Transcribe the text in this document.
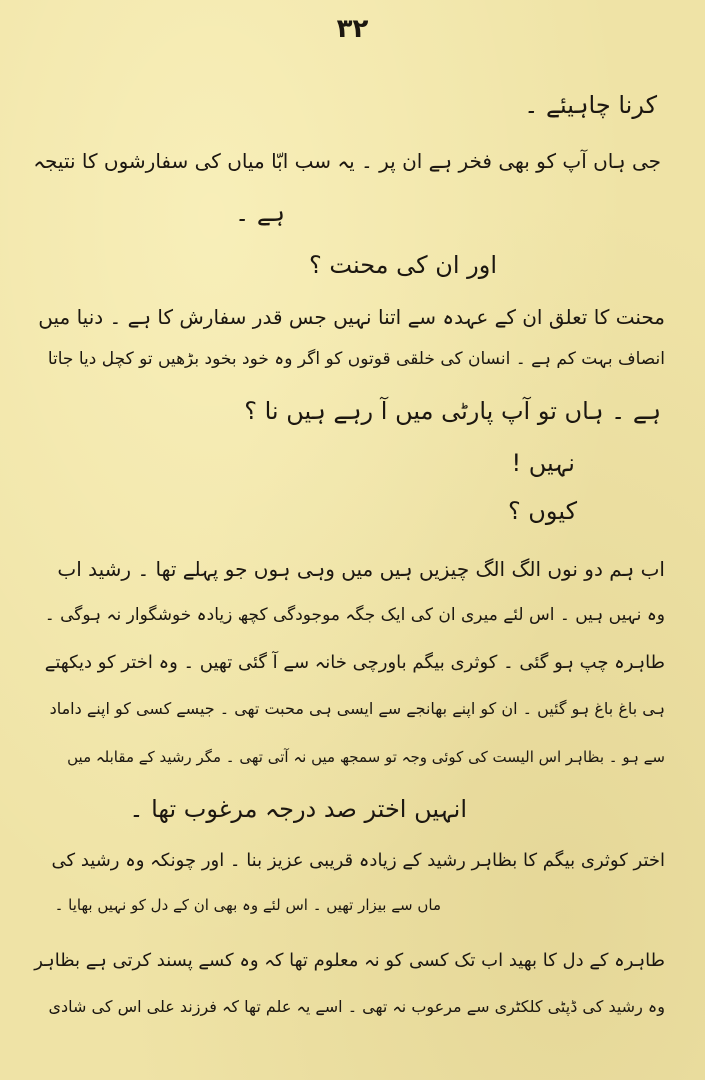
۳۲
کرنا چاہیئے ۔
جی ہاں آپ کو بھی فخر ہے ان پر ۔ یہ سب ابّا میاں کی سفارشوں کا نتیجہ
ہے ۔
اور ان کی محنت ؟
محنت کا تعلق ان کے عہدہ سے اتنا نہیں جس قدر سفارش کا ہے ۔ دنیا میں
انصاف بہت کم ہے ۔ انسان کی خلقی قوتوں کو اگر وہ خود بخود بڑھیں تو کچل دیا جاتا
ہے ۔ ہاں تو آپ پارٹی میں آ رہے ہیں نا ؟
نہیں !
کیوں ؟
اب ہم دو نوں الگ الگ چیزیں ہیں میں وہی ہوں جو پہلے تھا ۔ رشید اب
وہ نہیں ہیں ۔ اس لئے میری ان کی ایک جگہ موجودگی کچھ زیادہ خوشگوار نہ ہوگی ۔
طاہرہ چپ ہو گئی ۔ کوثری بیگم باورچی خانہ سے آ گئی تھیں ۔ وہ اختر کو دیکھتے
ہی باغ باغ ہو گئیں ۔ ان کو اپنے بھانجے سے ایسی ہی محبت تھی ۔ جیسے کسی کو اپنے داماد
سے ہو ۔ بظاہر اس الیست کی کوئی وجہ تو سمجھ میں نہ آتی تھی ۔ مگر رشید کے مقابلہ میں
انہیں اختر صد درجہ مرغوب تھا ۔
اختر کوثری بیگم کا بظاہر رشید کے زیادہ قریبی عزیز بنا ۔ اور چونکہ وہ رشید کی
ماں سے بیزار تھیں ۔ اس لئے وہ بھی ان کے دل کو نہیں بھایا ۔
طاہرہ کے دل کا بھید اب تک کسی کو نہ معلوم تھا کہ وہ کسے پسند کرتی ہے بظاہر
وہ رشید کی ڈپٹی کلکٹری سے مرعوب نہ تھی ۔ اسے یہ علم تھا کہ فرزند علی اس کی شادی
